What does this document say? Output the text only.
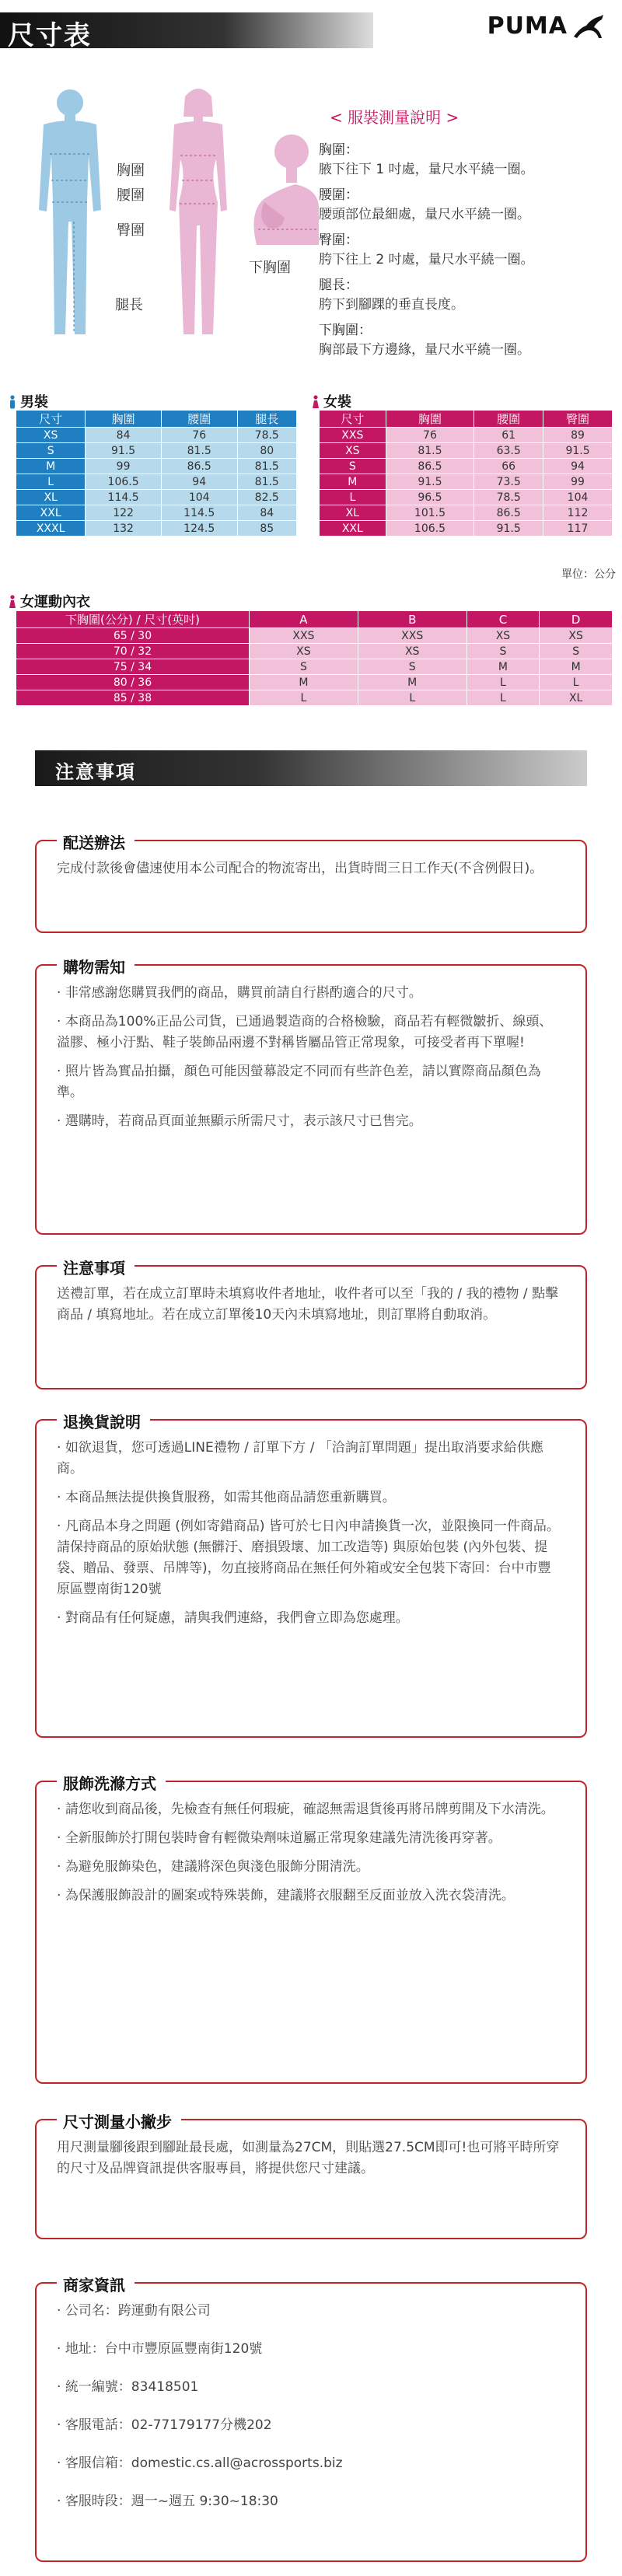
尺寸表	PUMA
胸圍
腰圍
臀圍
腿長
下胸圍
< 服裝測量說明 >
胸圍：
腋下往下 1 吋處，量尺水平繞一圈。
腰圍：
腰頭部位最細處，量尺水平繞一圈。
臀圍：
胯下往上 2 吋處，量尺水平繞一圈。
腿長：
胯下到腳踝的垂直長度。
下胸圍：
胸部最下方邊緣，量尺水平繞一圈。
男裝
尺寸	胸圍	腰圍	腿長
XS	84	76	78.5
S	91.5	81.5	80
M	99	86.5	81.5
L	106.5	94	81.5
XL	114.5	104	82.5
XXL	122	114.5	84
XXXL	132	124.5	85
女裝
尺寸	胸圍	腰圍	臀圍
XXS	76	61	89
XS	81.5	63.5	91.5
S	86.5	66	94
M	91.5	73.5	99
L	96.5	78.5	104
XL	101.5	86.5	112
XXL	106.5	91.5	117
單位：公分
女運動內衣
下胸圍(公分) / 尺寸(英吋)	A	B	C	D
65 / 30	XXS	XXS	XS	XS
70 / 32	XS	XS	S	S
75 / 34	S	S	M	M
80 / 36	M	M	L	L
85 / 38	L	L	L	XL
注意事項
配送辦法

完成付款後會儘速使用本公司配合的物流寄出，出貨時間三日工作天(不含例假日)。

購物需知

· 非常感謝您購買我們的商品，購買前請自行斟酌適合的尺寸。

· 本商品為100%正品公司貨，已通過製造商的合格檢驗，商品若有輕微皺折、線頭、溢膠、極小汙點、鞋子裝飾品兩邊不對稱皆屬品管正常現象，可接受者再下單喔!

· 照片皆為實品拍攝，顏色可能因螢幕設定不同而有些許色差，請以實際商品顏色為準。

· 選購時，若商品頁面並無顯示所需尺寸，表示該尺寸已售完。

注意事項

送禮訂單，若在成立訂單時未填寫收件者地址，收件者可以至「我的 / 我的禮物 / 點擊商品 / 填寫地址。若在成立訂單後10天內未填寫地址，則訂單將自動取消。

退換貨說明

· 如欲退貨，您可透過LINE禮物 / 訂單下方 / 「洽詢訂單問題」提出取消要求給供應商。

· 本商品無法提供換貨服務，如需其他商品請您重新購買。

· 凡商品本身之問題 (例如寄錯商品) 皆可於七日內申請換貨一次，並限換同一件商品。請保持商品的原始狀態 (無髒汙、磨損毀壞、加工改造等) 與原始包裝 (內外包裝、提袋、贈品、發票、吊牌等)，勿直接將商品在無任何外箱或安全包裝下寄回：台中市豐原區豐南街120號

· 對商品有任何疑慮，請與我們連絡，我們會立即為您處理。

服飾洗滌方式

· 請您收到商品後，先檢查有無任何瑕疵，確認無需退貨後再將吊牌剪開及下水清洗。

· 全新服飾於打開包裝時會有輕微染劑味道屬正常現象建議先清洗後再穿著。

· 為避免服飾染色，建議將深色與淺色服飾分開清洗。

· 為保護服飾設計的圖案或特殊裝飾，建議將衣服翻至反面並放入洗衣袋清洗。

尺寸測量小撇步

用尺測量腳後跟到腳趾最長處，如測量為27CM，則貼選27.5CM即可!也可將平時所穿的尺寸及品牌資訊提供客服專員，將提供您尺寸建議。

商家資訊

· 公司名：跨運動有限公司

· 地址：台中市豐原區豐南街120號

· 統一編號：83418501

· 客服電話：02-77179177分機202

· 客服信箱：domestic.cs.all@acrossports.biz

· 客服時段：週一~週五 9:30~18:30
